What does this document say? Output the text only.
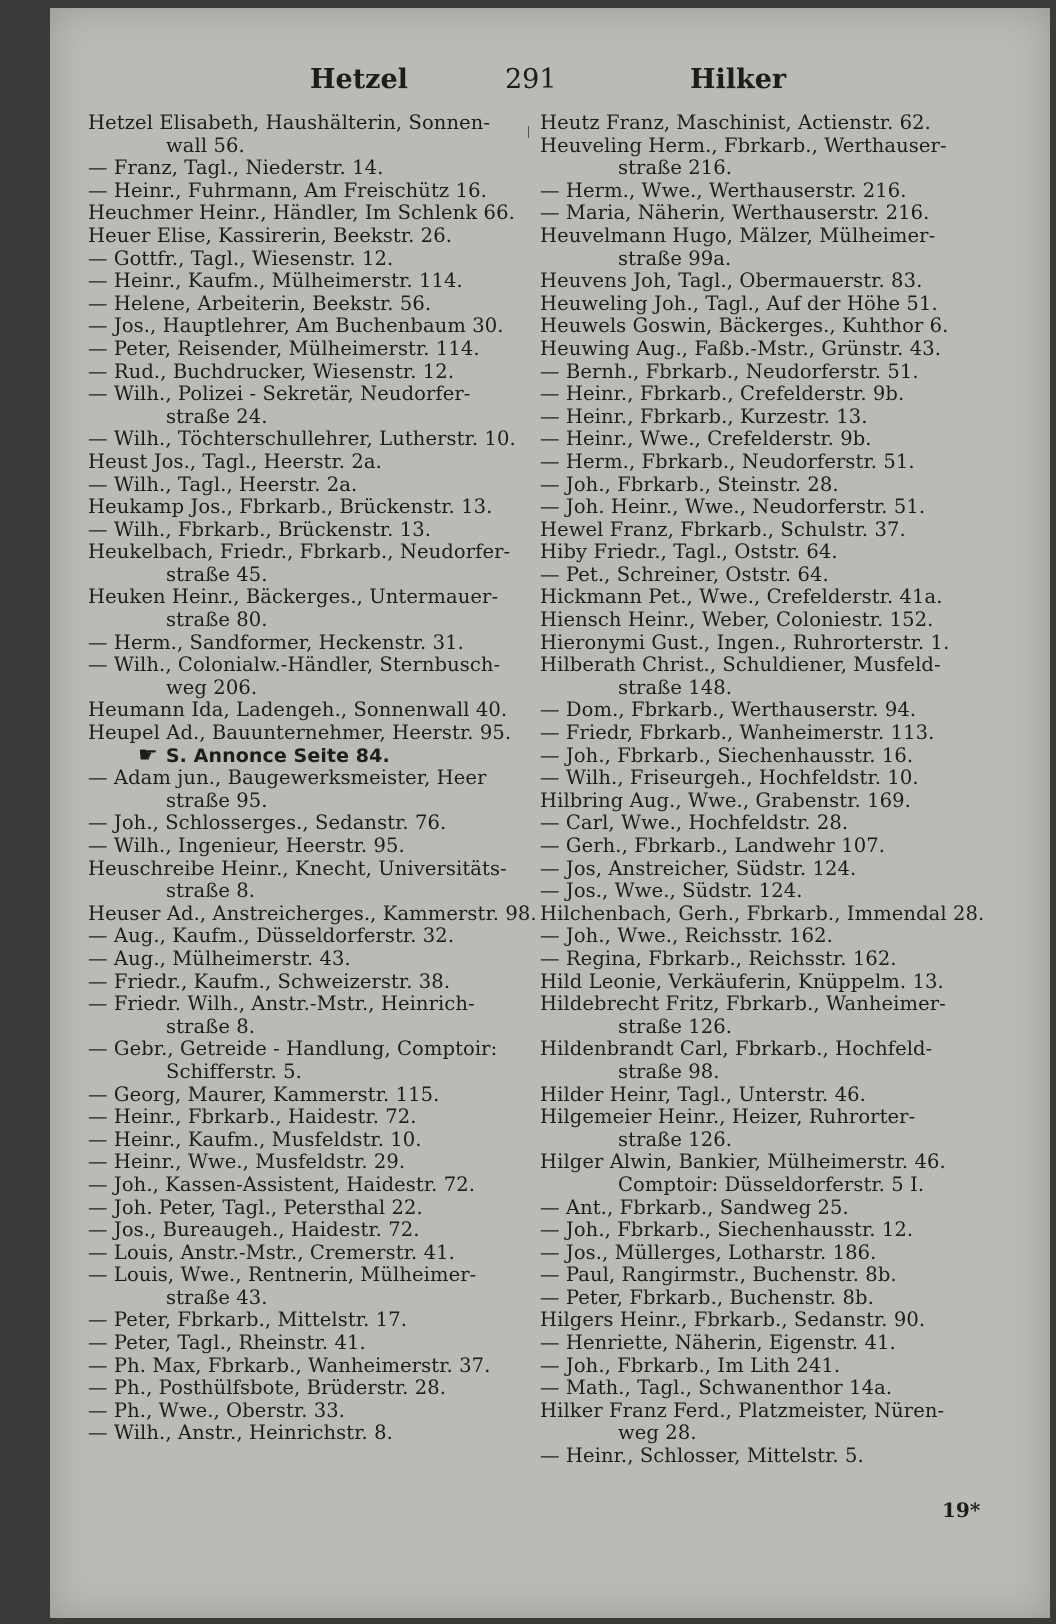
Hetzel	291	Hilker
Hetzel Elisabeth, Haushälterin, Sonnen-
wall 56.
— Franz, Tagl., Niederstr. 14.
— Heinr., Fuhrmann, Am Freischütz 16.
Heuchmer Heinr., Händler, Im Schlenk 66.
Heuer Elise, Kassirerin, Beekstr. 26.
— Gottfr., Tagl., Wiesenstr. 12.
— Heinr., Kaufm., Mülheimerstr. 114.
— Helene, Arbeiterin, Beekstr. 56.
— Jos., Hauptlehrer, Am Buchenbaum 30.
— Peter, Reisender, Mülheimerstr. 114.
— Rud., Buchdrucker, Wiesenstr. 12.
— Wilh., Polizei - Sekretär, Neudorfer-
straße 24.
— Wilh., Töchterschullehrer, Lutherstr. 10.
Heust Jos., Tagl., Heerstr. 2a.
— Wilh., Tagl., Heerstr. 2a.
Heukamp Jos., Fbrkarb., Brückenstr. 13.
— Wilh., Fbrkarb., Brückenstr. 13.
Heukelbach, Friedr., Fbrkarb., Neudorfer-
straße 45.
Heuken Heinr., Bäckerges., Untermauer-
straße 80.
— Herm., Sandformer, Heckenstr. 31.
— Wilh., Colonialw.-Händler, Sternbusch-
weg 206.
Heumann Ida, Ladengeh., Sonnenwall 40.
Heupel Ad., Bauunternehmer, Heerstr. 95.
☛ S. Annonce Seite 84.
— Adam jun., Baugewerksmeister, Heer
straße 95.
— Joh., Schlosserges., Sedanstr. 76.
— Wilh., Ingenieur, Heerstr. 95.
Heuschreibe Heinr., Knecht, Universitäts-
straße 8.
Heuser Ad., Anstreicherges., Kammerstr. 98.
— Aug., Kaufm., Düsseldorferstr. 32.
— Aug., Mülheimerstr. 43.
— Friedr., Kaufm., Schweizerstr. 38.
— Friedr. Wilh., Anstr.-Mstr., Heinrich-
straße 8.
— Gebr., Getreide - Handlung, Comptoir:
Schifferstr. 5.
— Georg, Maurer, Kammerstr. 115.
— Heinr., Fbrkarb., Haidestr. 72.
— Heinr., Kaufm., Musfeldstr. 10.
— Heinr., Wwe., Musfeldstr. 29.
— Joh., Kassen-Assistent, Haidestr. 72.
— Joh. Peter, Tagl., Petersthal 22.
— Jos., Bureaugeh., Haidestr. 72.
— Louis, Anstr.-Mstr., Cremerstr. 41.
— Louis, Wwe., Rentnerin, Mülheimer-
straße 43.
— Peter, Fbrkarb., Mittelstr. 17.
— Peter, Tagl., Rheinstr. 41.
— Ph. Max, Fbrkarb., Wanheimerstr. 37.
— Ph., Posthülfsbote, Brüderstr. 28.
— Ph., Wwe., Oberstr. 33.
— Wilh., Anstr., Heinrichstr. 8.
Heutz Franz, Maschinist, Actienstr. 62.
Heuveling Herm., Fbrkarb., Werthauser-
straße 216.
— Herm., Wwe., Werthauserstr. 216.
— Maria, Näherin, Werthauserstr. 216.
Heuvelmann Hugo, Mälzer, Mülheimer-
straße 99a.
Heuvens Joh, Tagl., Obermauerstr. 83.
Heuweling Joh., Tagl., Auf der Höhe 51.
Heuwels Goswin, Bäckerges., Kuhthor 6.
Heuwing Aug., Faßb.-Mstr., Grünstr. 43.
— Bernh., Fbrkarb., Neudorferstr. 51.
— Heinr., Fbrkarb., Crefelderstr. 9b.
— Heinr., Fbrkarb., Kurzestr. 13.
— Heinr., Wwe., Crefelderstr. 9b.
— Herm., Fbrkarb., Neudorferstr. 51.
— Joh., Fbrkarb., Steinstr. 28.
— Joh. Heinr., Wwe., Neudorferstr. 51.
Hewel Franz, Fbrkarb., Schulstr. 37.
Hiby Friedr., Tagl., Oststr. 64.
— Pet., Schreiner, Oststr. 64.
Hickmann Pet., Wwe., Crefelderstr. 41a.
Hiensch Heinr., Weber, Coloniestr. 152.
Hieronymi Gust., Ingen., Ruhrorterstr. 1.
Hilberath Christ., Schuldiener, Musfeld-
straße 148.
— Dom., Fbrkarb., Werthauserstr. 94.
— Friedr, Fbrkarb., Wanheimerstr. 113.
— Joh., Fbrkarb., Siechenhausstr. 16.
— Wilh., Friseurgeh., Hochfeldstr. 10.
Hilbring Aug., Wwe., Grabenstr. 169.
— Carl, Wwe., Hochfeldstr. 28.
— Gerh., Fbrkarb., Landwehr 107.
— Jos, Anstreicher, Südstr. 124.
— Jos., Wwe., Südstr. 124.
Hilchenbach, Gerh., Fbrkarb., Immendal 28.
— Joh., Wwe., Reichsstr. 162.
— Regina, Fbrkarb., Reichsstr. 162.
Hild Leonie, Verkäuferin, Knüppelm. 13.
Hildebrecht Fritz, Fbrkarb., Wanheimer-
straße 126.
Hildenbrandt Carl, Fbrkarb., Hochfeld-
straße 98.
Hilder Heinr, Tagl., Unterstr. 46.
Hilgemeier Heinr., Heizer, Ruhrorter-
straße 126.
Hilger Alwin, Bankier, Mülheimerstr. 46.
Comptoir: Düsseldorferstr. 5 I.
— Ant., Fbrkarb., Sandweg 25.
— Joh., Fbrkarb., Siechenhausstr. 12.
— Jos., Müllerges, Lotharstr. 186.
— Paul, Rangirmstr., Buchenstr. 8b.
— Peter, Fbrkarb., Buchenstr. 8b.
Hilgers Heinr., Fbrkarb., Sedanstr. 90.
— Henriette, Näherin, Eigenstr. 41.
— Joh., Fbrkarb., Im Lith 241.
— Math., Tagl., Schwanenthor 14a.
Hilker Franz Ferd., Platzmeister, Nüren-
weg 28.
— Heinr., Schlosser, Mittelstr. 5.
19*
